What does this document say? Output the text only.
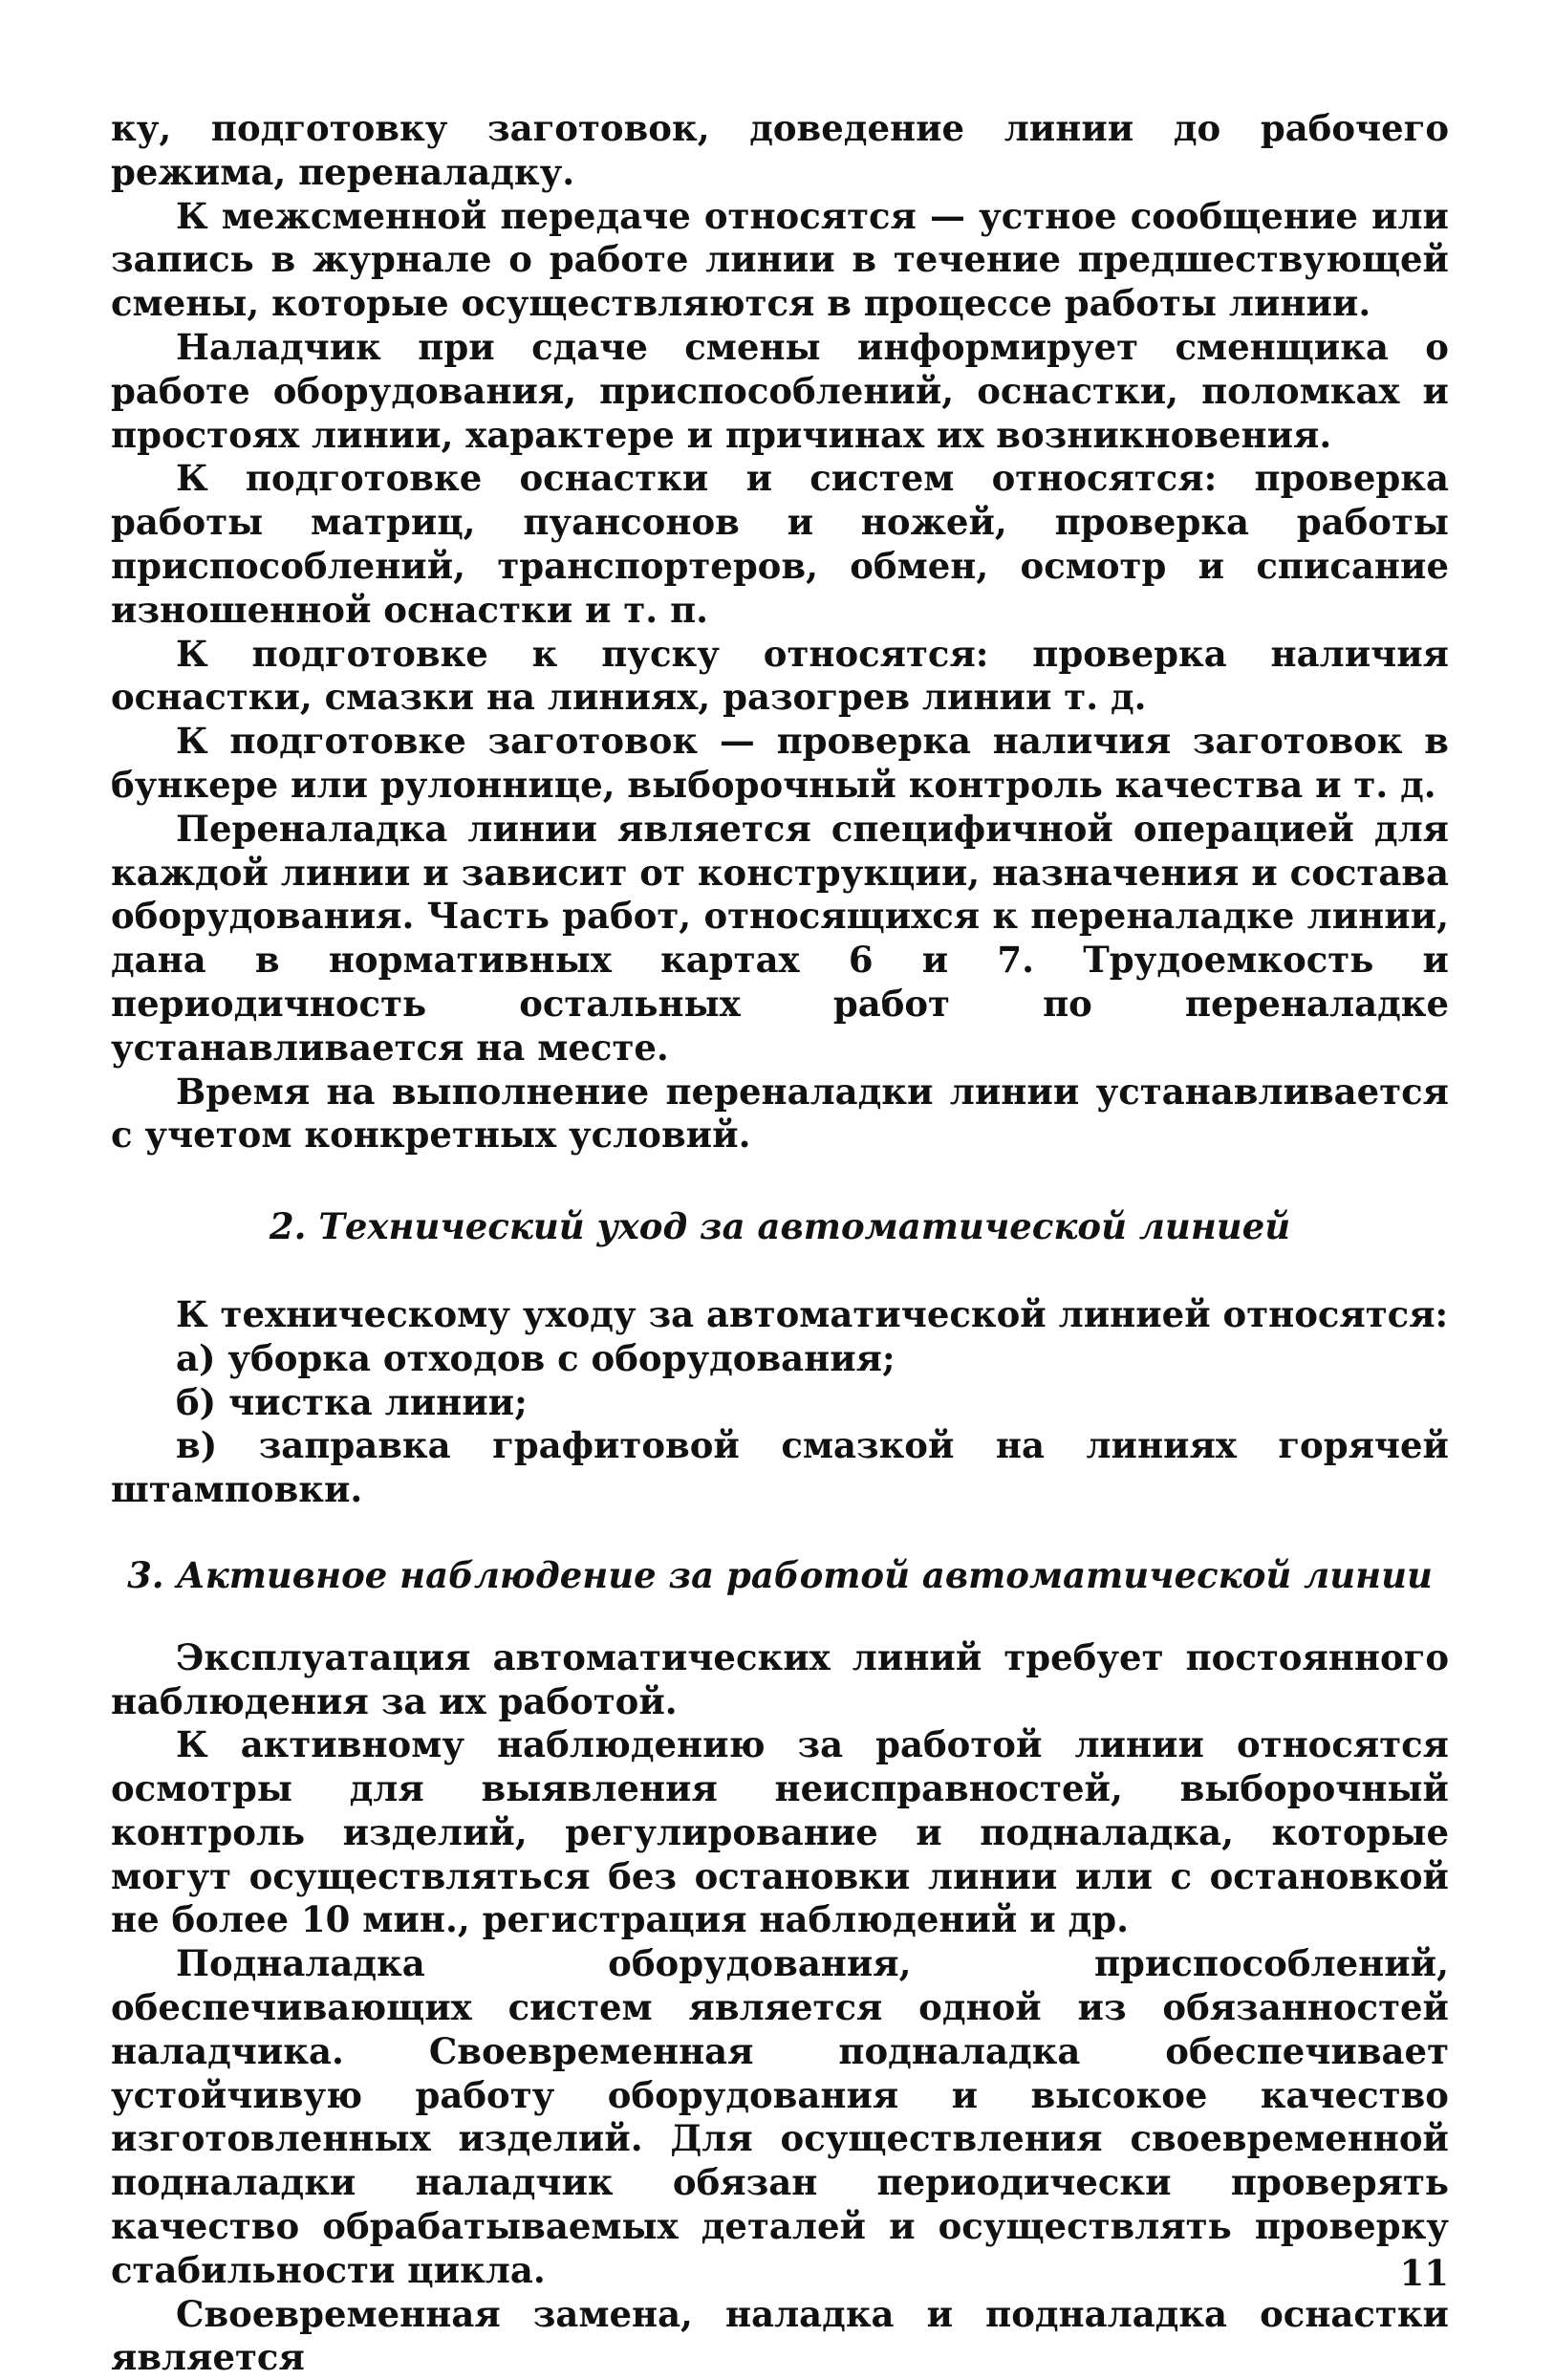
ку, подготовку заготовок, доведение линии до рабочего режима, переналадку.

К межсменной передаче относятся — устное сообщение или запись в журнале о работе линии в течение предшествующей смены, которые осуществляются в процессе работы линии.

Наладчик при сдаче смены информирует сменщика о работе оборудования, приспособлений, оснастки, поломках и простоях линии, характере и причинах их возникновения.

К подготовке оснастки и систем относятся: проверка работы матриц, пуансонов и ножей, проверка работы приспособлений, транспортеров, обмен, осмотр и списание изношенной оснастки и т. п.

К подготовке к пуску относятся: проверка наличия оснастки, смазки на линиях, разогрев линии т. д.

К подготовке заготовок — проверка наличия заготовок в бункере или рулоннице, выборочный контроль качества и т. д.

Переналадка линии является специфичной операцией для каждой линии и зависит от конструкции, назначения и состава оборудования. Часть работ, относящихся к переналадке линии, дана в нормативных картах 6 и 7. Трудоемкость и периодичность остальных работ по переналадке устанавливается на месте.

Время на выполнение переналадки линии устанавливается с учетом конкретных условий.

2. Технический уход за автоматической линией

К техническому уходу за автоматической линией относятся:

а) уборка отходов с оборудования;

б) чистка линии;

в) заправка графитовой смазкой на линиях горячей штамповки.

3. Активное наблюдение за работой автоматической линии

Эксплуатация автоматических линий требует постоянного наблюдения за их работой.

К активному наблюдению за работой линии относятся осмотры для выявления неисправностей, выборочный контроль изделий, регулирование и подналадка, которые могут осуществляться без остановки линии или с остановкой не более 10 мин., регистрация наблюдений и др.

Подналадка оборудования, приспособлений, обеспечивающих систем является одной из обязанностей наладчика. Своевременная подналадка обеспечивает устойчивую работу оборудования и высокое качество изготовленных изделий. Для осуществления своевременной подналадки наладчик обязан периодически проверять качество обрабатываемых деталей и осуществлять проверку стабильности цикла.

Своевременная замена, наладка и подналадка оснастки является

11
